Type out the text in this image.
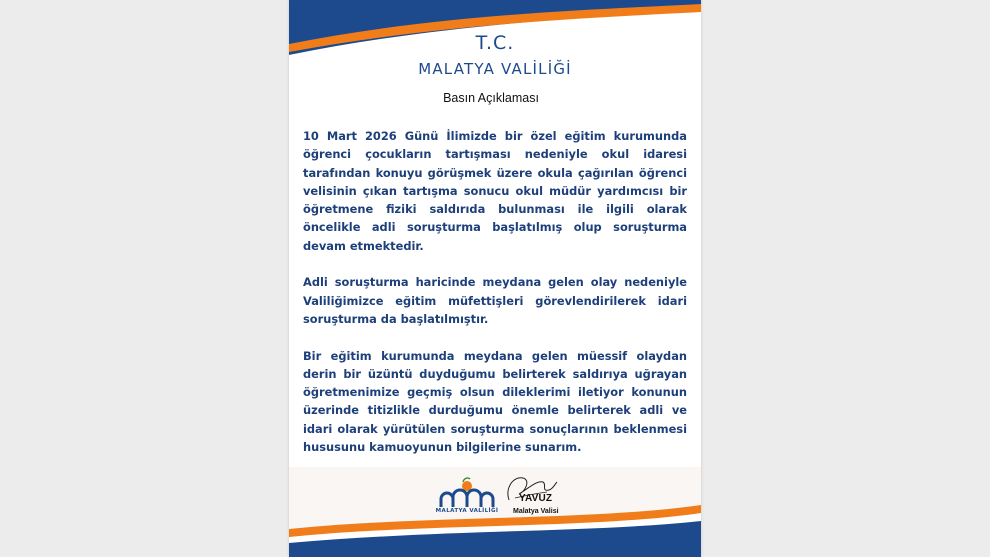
T.C.
MALATYA VALİLİĞİ
Basın Açıklaması

10 Mart 2026 Günü İlimizde bir özel eğitim kurumunda öğrenci çocukların tartışması nedeniyle okul idaresi tarafından konuyu görüşmek üzere okula çağırılan öğrenci velisinin çıkan tartışma sonucu okul müdür yardımcısı bir öğretmene fiziki saldırıda bulunması ile ilgili olarak öncelikle adli soruşturma başlatılmış olup soruşturma devam etmektedir.

Adli soruşturma haricinde meydana gelen olay nedeniyle Valiliğimizce eğitim müfettişleri görevlendirilerek idari soruşturma da başlatılmıştır.

Bir eğitim kurumunda meydana gelen müessif olaydan derin bir üzüntü duyduğumu belirterek saldırıya uğrayan öğretmenimize geçmiş olsun dileklerimi iletiyor konunun üzerinde titizlikle durduğumu önemle belirterek adli ve idari olarak yürütülen soruşturma sonuçlarının beklenmesi hususunu kamuoyunun bilgilerine sunarım.

MALATYA VALİLİĞİ
YAVUZ
Malatya Valisi
